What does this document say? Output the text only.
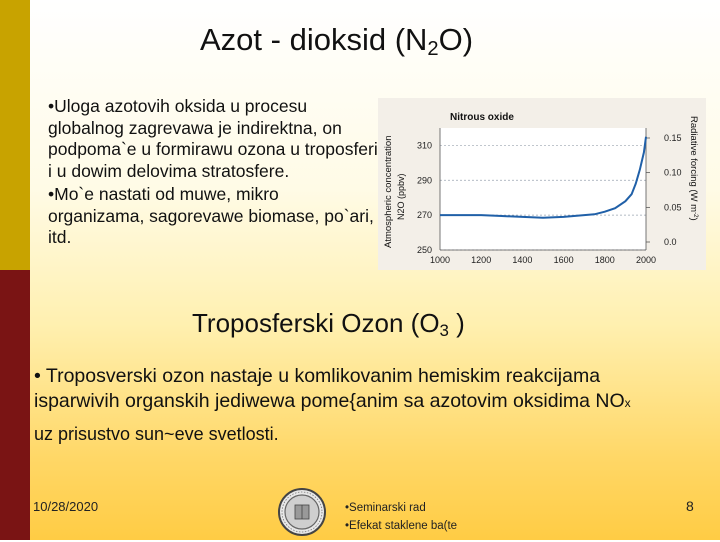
Azot - dioksid $(N_2O)$

•Uloga azotovih oksida u procesu globalnog zagrevawa je indirektna, on podpoma`e u formirawu ozona u troposferi i u dowim delovima stratosfere.

•Mo`e nastati od muwe, mikro organizama, sagorevawe biomase, po`ari, itd.

250
270
290
310
0.0
0.05
0.10
0.15
1000 1200 1400 1600 1800 2000
Nitrous oxide
Atmospheric concentration N2O (ppbv)	Radiative forcing (W $m^{-2}$)
Troposferski Ozon ($O_3$ )
• Troposverski ozon nastaje u komlikovanim hemiskim reakcijama
isparwivih organskih jediwewa pome{anim sa azotovim oksidima NOx
uz prisustvo sun~eve svetlosti.
10/28/2020	•Seminarski rad
•Efekat staklene ba(te
8
